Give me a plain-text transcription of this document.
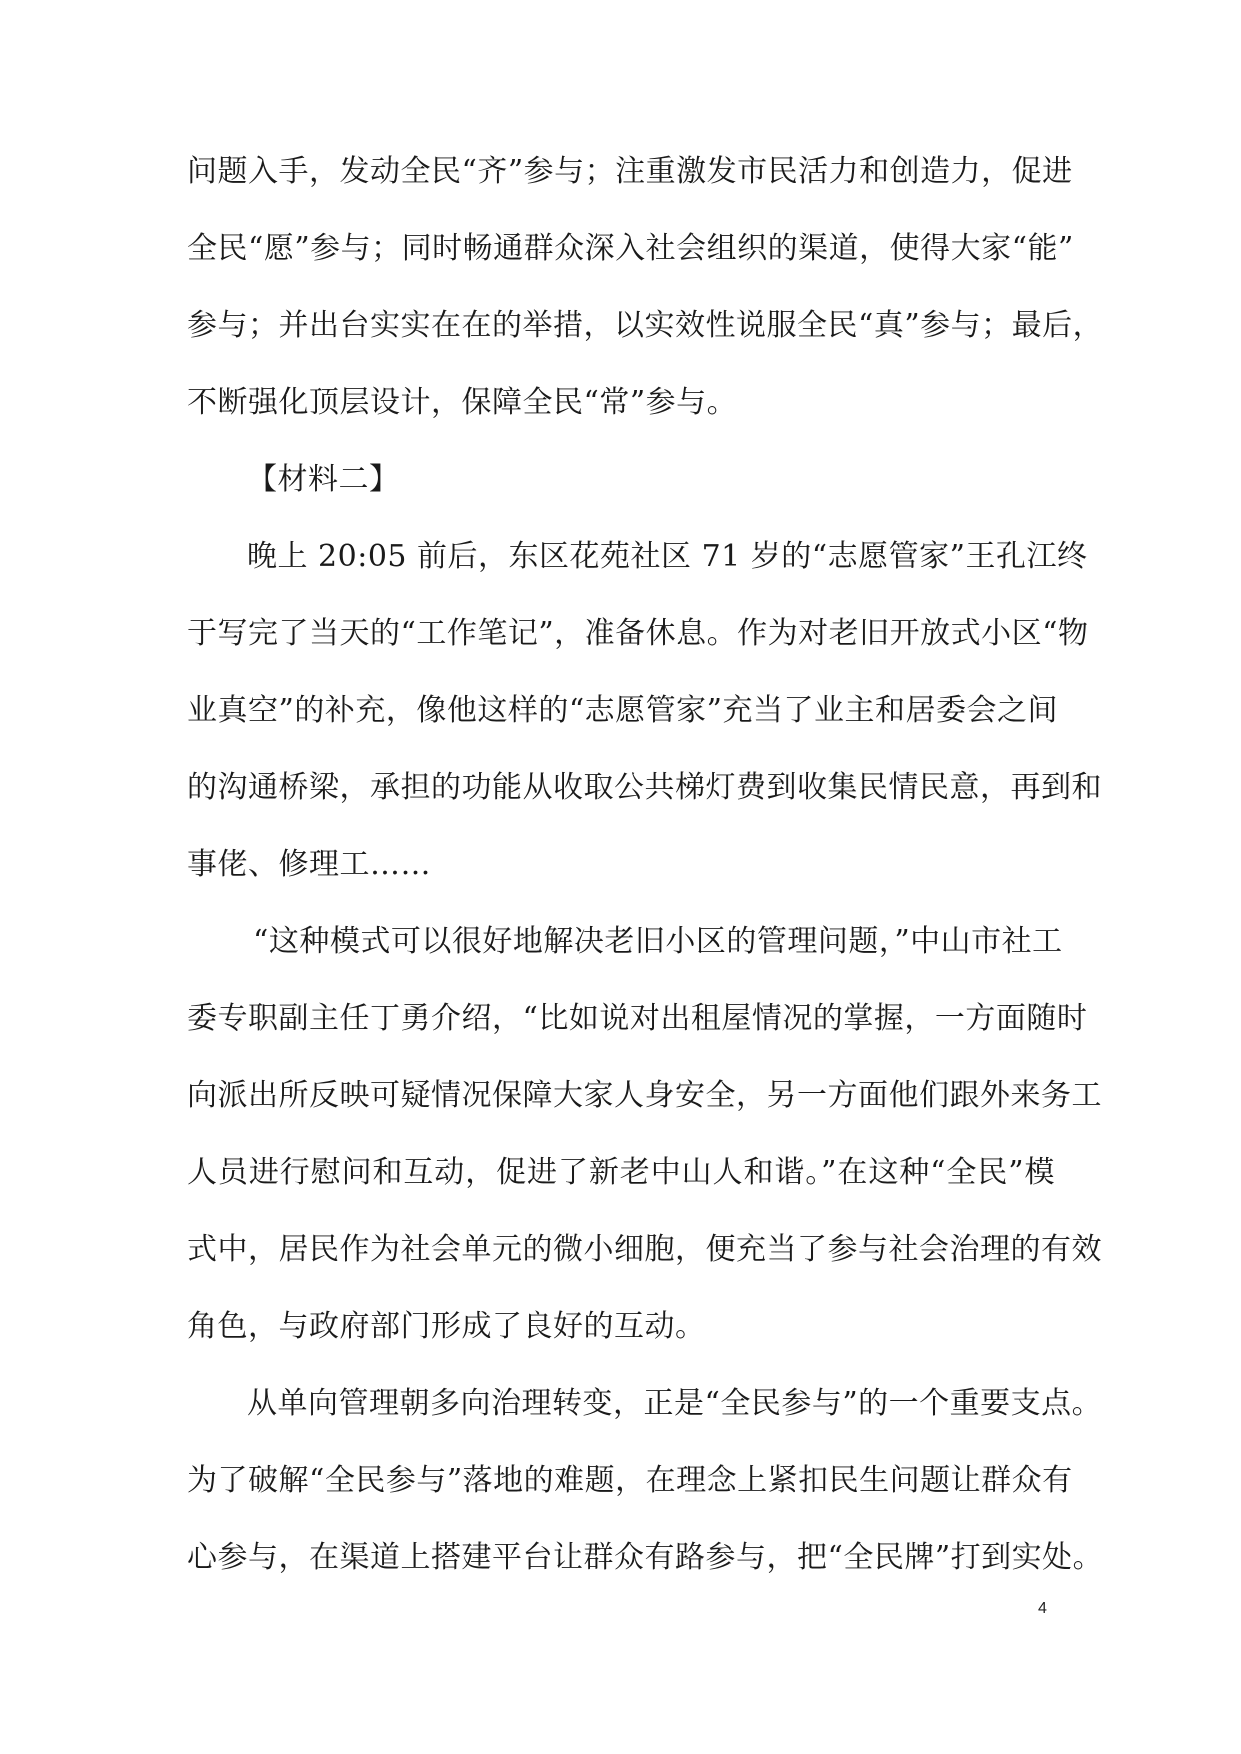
问题入手，发动全民“齐”参与；注重激发市民活力和创造力，促进
全民“愿”参与；同时畅通群众深入社会组织的渠道，使得大家“能”
参与；并出台实实在在的举措，以实效性说服全民“真”参与；最后，
不断强化顶层设计，保障全民“常”参与。
【材料二】
晚上 20:05 前后，东区花苑社区 71 岁的“志愿管家”王孔江终
于写完了当天的“工作笔记”，准备休息。作为对老旧开放式小区“物
业真空”的补充，像他这样的“志愿管家”充当了业主和居委会之间
的沟通桥梁，承担的功能从收取公共梯灯费到收集民情民意，再到和
事佬、修理工……
“这种模式可以很好地解决老旧小区的管理问题，”中山市社工
委专职副主任丁勇介绍，“比如说对出租屋情况的掌握，一方面随时
向派出所反映可疑情况保障大家人身安全，另一方面他们跟外来务工
人员进行慰问和互动，促进了新老中山人和谐。”在这种“全民”模
式中，居民作为社会单元的微小细胞，便充当了参与社会治理的有效
角色，与政府部门形成了良好的互动。
从单向管理朝多向治理转变，正是“全民参与”的一个重要支点。
为了破解“全民参与”落地的难题，在理念上紧扣民生问题让群众有
心参与，在渠道上搭建平台让群众有路参与，把“全民牌”打到实处。
4
